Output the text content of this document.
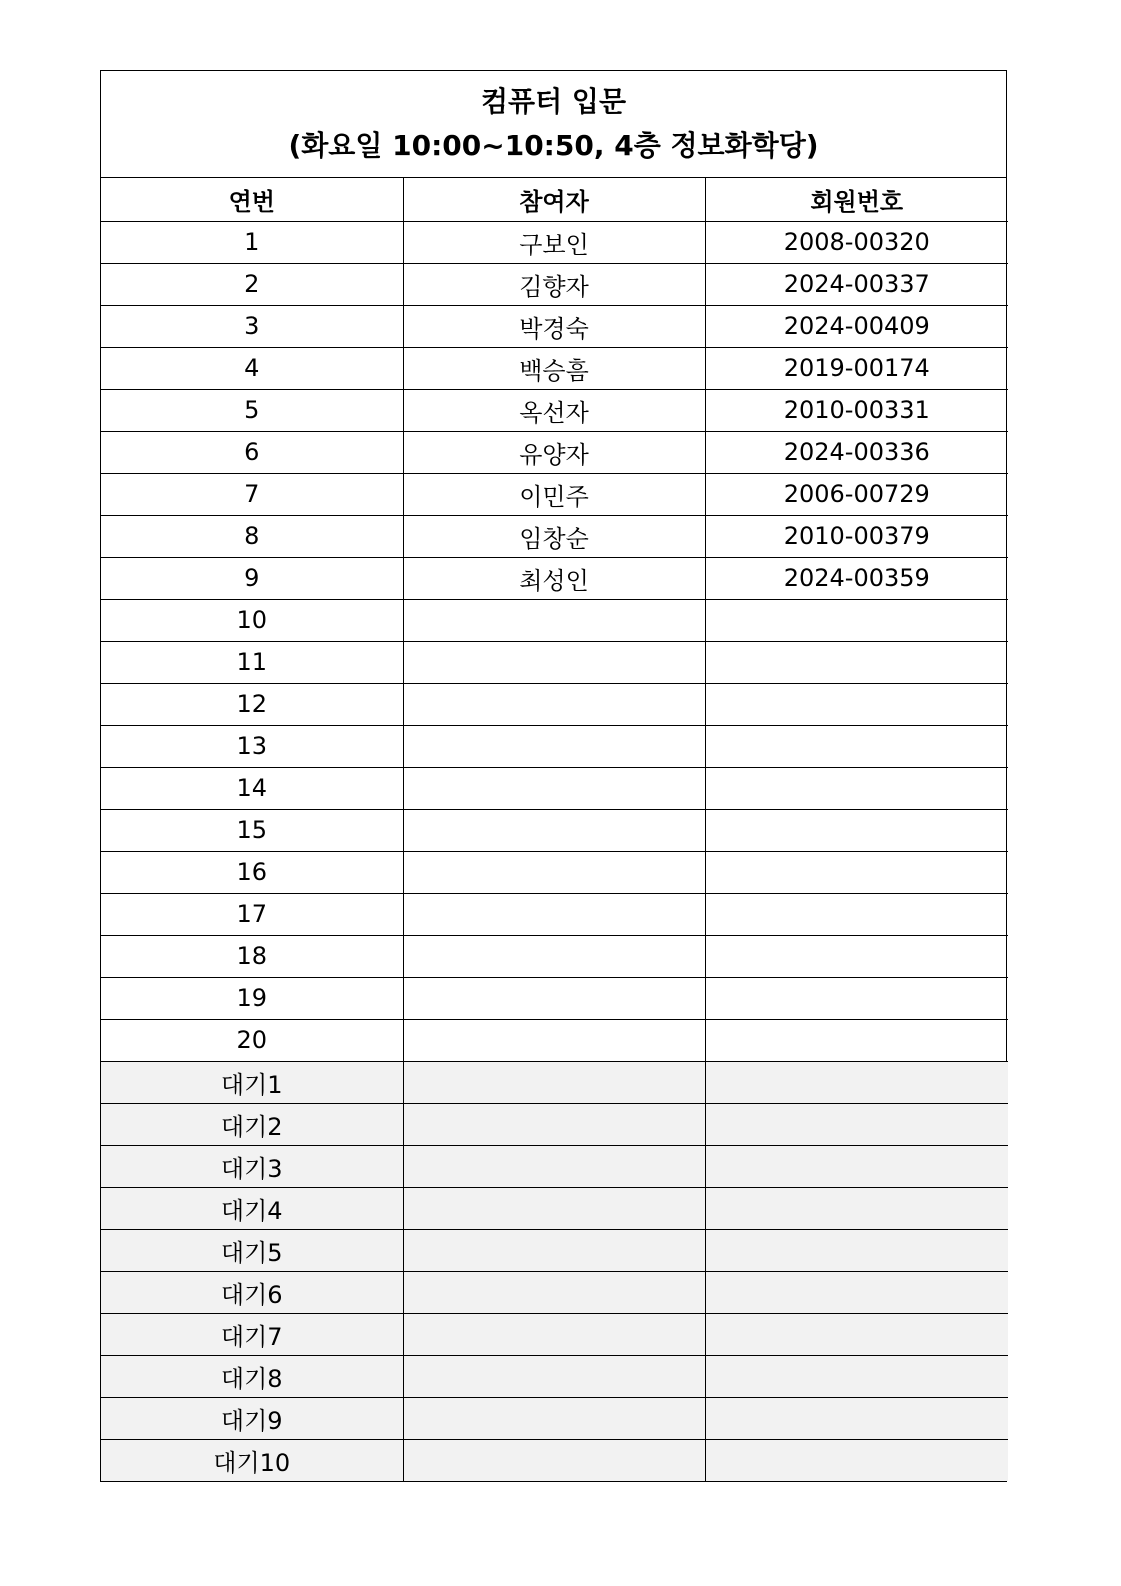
컴퓨터 입문
(화요일 10:00~10:50, 4층 정보화학당)
연번	참여자	회원번호
1	구보인	2008-00320
2	김향자	2024-00337
3	박경숙	2024-00409
4	백승흠	2019-00174
5	옥선자	2010-00331
6	유양자	2024-00336
7	이민주	2006-00729
8	임창순	2010-00379
9	최성인	2024-00359
10		
11		
12		
13		
14		
15		
16		
17		
18		
19		
20		
대기1		
대기2		
대기3		
대기4		
대기5		
대기6		
대기7		
대기8		
대기9		
대기10		
